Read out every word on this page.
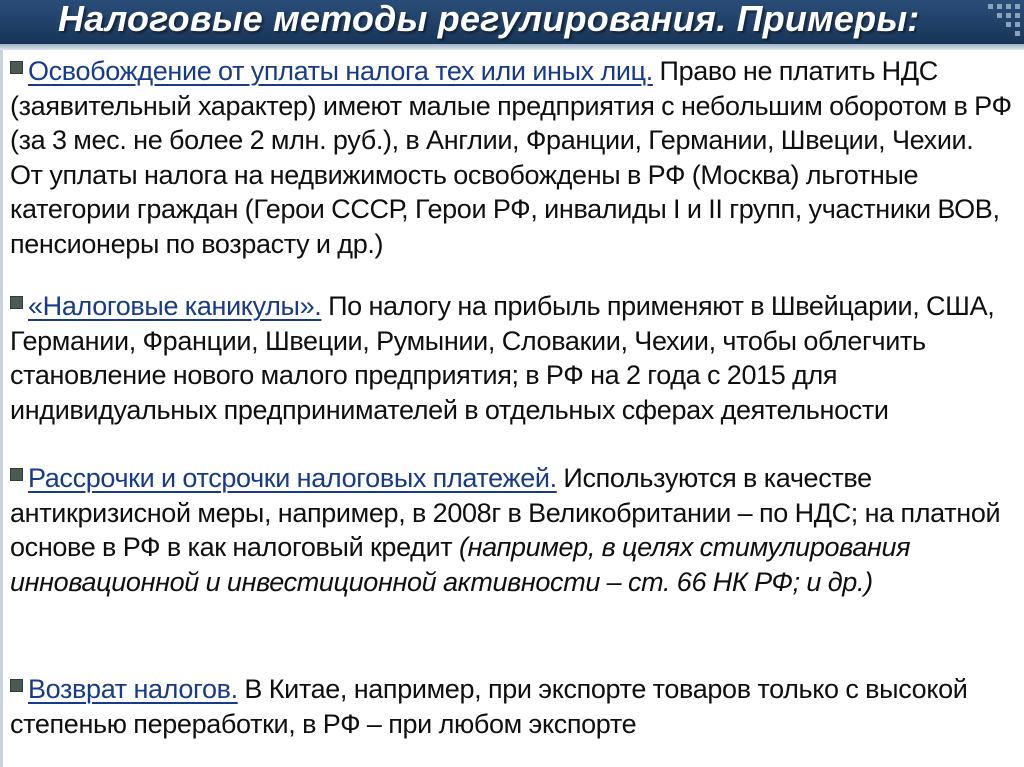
Налоговые методы регулирования. Примеры:
Освобождение от уплаты налога тех или иных лиц. Право не платить НДС (заявительный характер) имеют малые предприятия с небольшим оборотом в РФ (за 3 мес. не более 2 млн. руб.), в Англии, Франции, Германии, Швеции, Чехии. От уплаты налога на недвижимость освобождены в РФ (Москва) льготные категории граждан (Герои СССР, Герои РФ, инвалиды I и II групп, участники ВОВ, пенсионеры по возрасту и др.)
«Налоговые каникулы». По налогу на прибыль применяют в Швейцарии, США, Германии, Франции, Швеции, Румынии, Словакии, Чехии, чтобы облегчить становление нового малого предприятия; в РФ на 2 года с 2015 для индивидуальных предпринимателей в отдельных сферах деятельности
Рассрочки и отсрочки налоговых платежей. Используются в качестве антикризисной меры, например, в 2008г в Великобритании – по НДС; на платной основе в РФ в как налоговый кредит (например, в целях стимулирования инновационной и инвестиционной активности – ст. 66 НК РФ; и др.)
Возврат налогов. В Китае, например, при экспорте товаров только с высокой степенью переработки, в РФ – при любом экспорте
